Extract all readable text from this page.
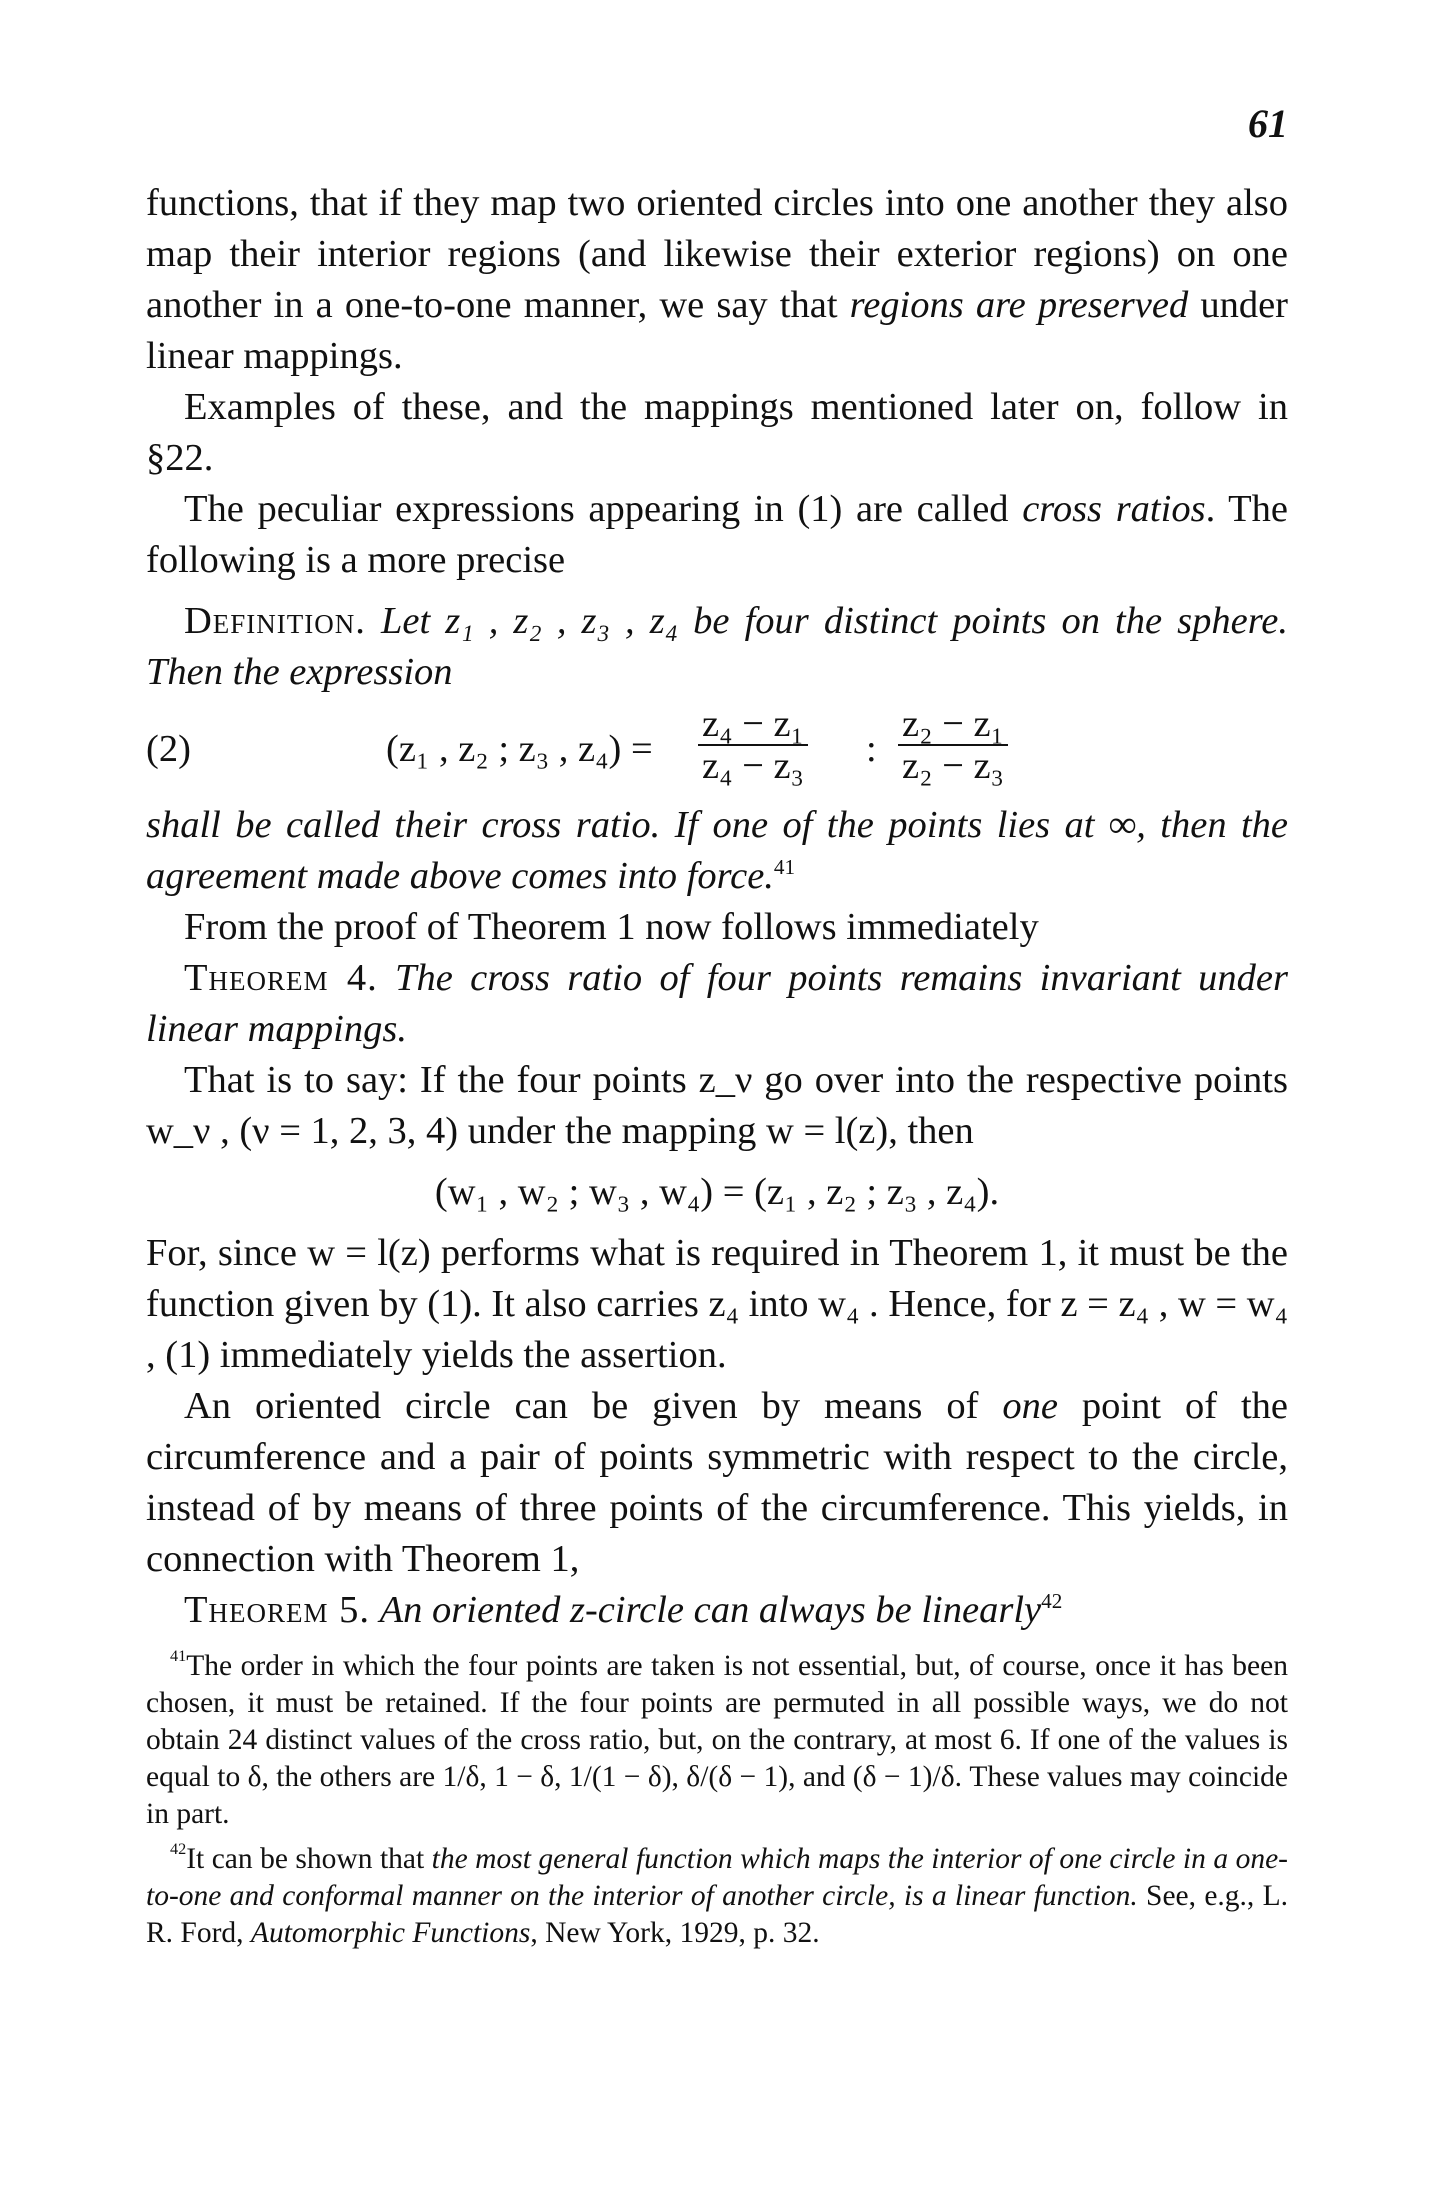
61

functions, that if they map two oriented circles into one another they also map their interior regions (and likewise their exterior regions) on one another in a one-to-one manner, we say that regions are preserved under linear mappings.

Examples of these, and the mappings mentioned later on, follow in §22.

The peculiar expressions appearing in (1) are called cross ratios. The following is a more precise

Definition. Let z₁ , z₂ , z₃ , z₄ be four distinct points on the sphere. Then the expression

(2)	(z₁ , z₂ ; z₃ , $z_4) = \frac{\text{z₄ − z₁}}{\text{z₄ − z₃}}$ : $\frac{\text{z₂ − z₁}}{\text{z₂ − z₃}}$

shall be called their cross ratio. If one of the points lies at ∞, then the agreement made above comes into force.$^{41}$

From the proof of Theorem 1 now follows immediately

Theorem 4. The cross ratio of four points remains invariant under linear mappings.

That is to say: If the four points z_ν go over into the respective points w_ν , (ν = 1, 2, 3, 4) under the mapping w = l(z), then

(w₁ , w₂ ; w₃ , w₄) = (z₁ , z₂ ; z₃ , z₄).

For, since w = l(z) performs what is required in Theorem 1, it must be the function given by (1). It also carries z₄ into w₄ . Hence, for z = z₄ , w = w₄ , (1) immediately yields the assertion.

An oriented circle can be given by means of one point of the circumference and a pair of points symmetric with respect to the circle, instead of by means of three points of the circumference. This yields, in connection with Theorem 1,

Theorem 5. An oriented z-circle can always be linearly$^{42}$

$^{41}$The order in which the four points are taken is not essential, but, of course, once it has been chosen, it must be retained. If the four points are permuted in all possible ways, we do not obtain 24 distinct values of the cross ratio, but, on the contrary, at most 6. If one of the values is equal to δ, the others are 1/δ, 1 − δ, 1/(1 − δ), δ/(δ − 1), and (δ − 1)/δ. These values may coincide in part.

$^{42}$It can be shown that the most general function which maps the interior of one circle in a one-to-one and conformal manner on the interior of another circle, is a linear function. See, e.g., L. R. Ford, Automorphic Functions, New York, 1929, p. 32.
